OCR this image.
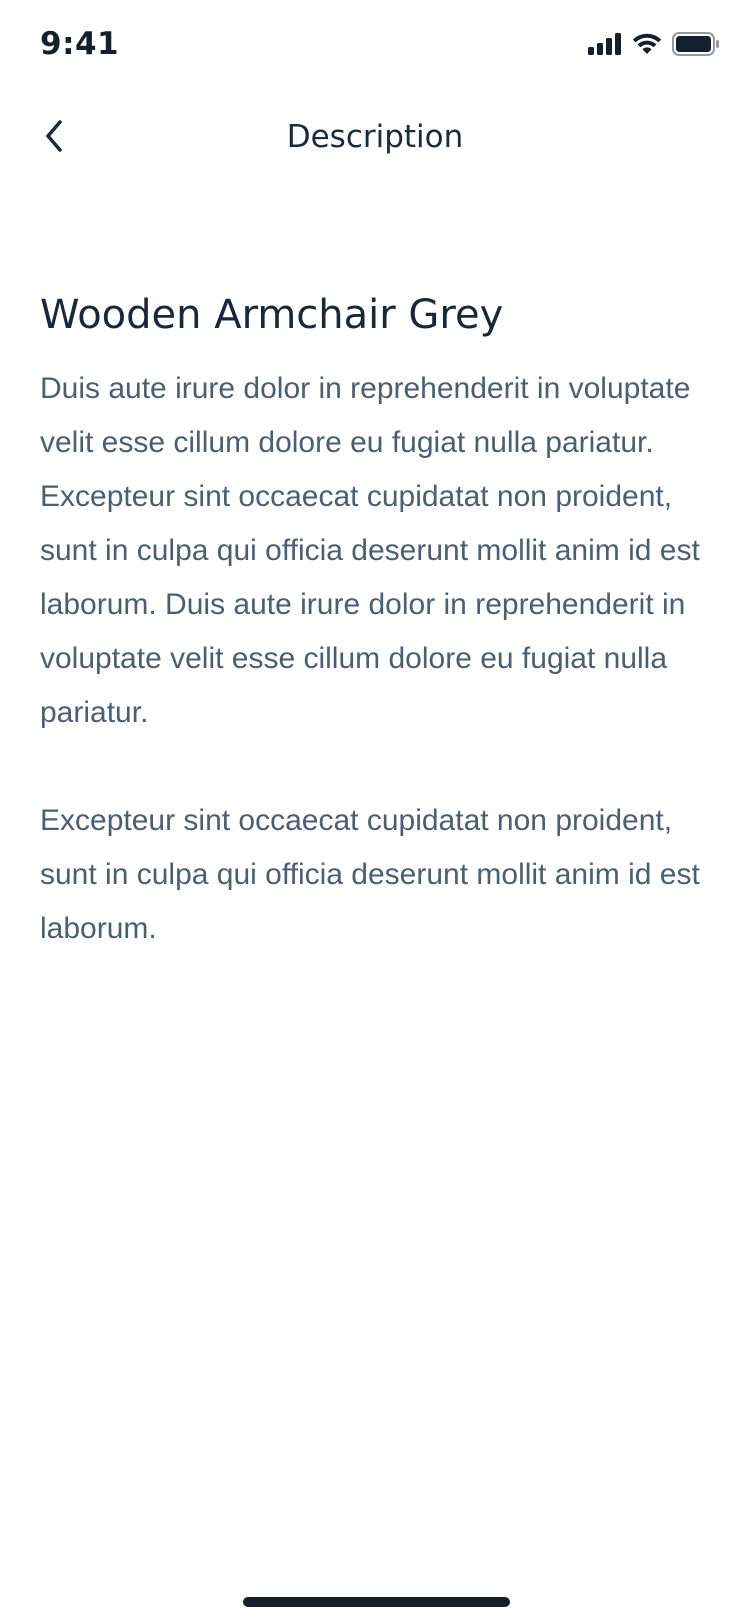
9:41
Description
Wooden Armchair Grey

Duis aute irure dolor in reprehenderit in voluptate velit esse cillum dolore eu fugiat nulla pariatur. Excepteur sint occaecat cupidatat non proident, sunt in culpa qui officia deserunt mollit anim id est laborum. Duis aute irure dolor in reprehenderit in voluptate velit esse cillum dolore eu fugiat nulla pariatur.

Excepteur sint occaecat cupidatat non proident, sunt in culpa qui officia deserunt mollit anim id est laborum.
